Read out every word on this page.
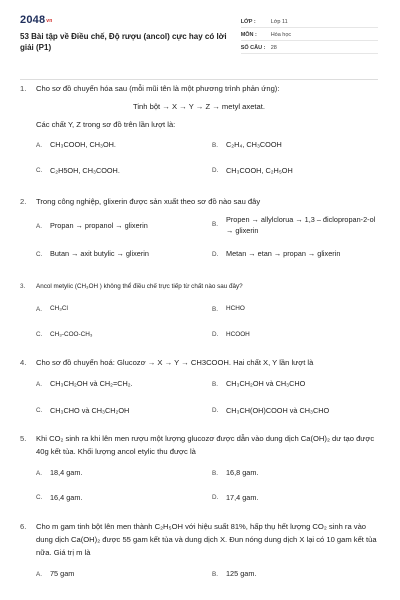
$2048^{vn}$
53 Bài tập về Điều chế, Độ rượu (ancol) cực hay có lời giải (P1)
LỚP :	Lớp 11
MÔN :	Hóa học
SỐ CÂU : 28
1.	Cho sơ đồ chuyển hóa sau (mỗi mũi tên là một phương trình phản ứng):
Tinh bột → X → Y → Z → metyl axetat.
Các chất Y, Z trong sơ đồ trên lần lượt là:
A.	CH₃COOH, CH₃OH.	B.	C₂H₄, CH₃COOH
C.	C₂H5OH, CH₃COOH.	D.	CH₃COOH, C₂H₅OH
2.	Trong công nghiệp, glixerin được sản xuất theo sơ đồ nào sau đây
A.	Propan → propanol → glixerin	B.
Propen → allylclorua → 1,3 – điclopropan-2-ol → glixerin
C.	Butan → axit butylic → glixerin	D.	Metan → etan → propan → glixerin
3.	Ancol metylic (CH₃OH ) không thể điều chế trực tiếp từ chất nào sau đây?
A.	CH₃Cl	B.	HCHO
C.	CH₃-COO-CH₃	D.	HCOOH
4.	Cho sơ đồ chuyển hoá: Glucozơ → X → Y → CH3COOH. Hai chất X, Y lần lượt là
A.	CH₃CH₂OH và CH₂=CH₂.	B.	CH₃CH₂OH và CH₃CHO
C.	CH₃CHO và CH₃CH₂OH	D.	CH₃CH(OH)COOH và CH₃CHO
5.	Khi CO₂ sinh ra khi lên men rượu một lượng glucozơ được dẫn vào dung dịch Ca(OH)₂ dư tạo được 40g kết tủa. Khối lượng ancol etylic thu được là
A.	18,4 gam.	B.	16,8 gam.
C.	16,4 gam.	D.	17,4 gam.
6.	Cho m gam tinh bột lên men thành C₂H₅OH với hiệu suất 81%, hấp thụ hết lượng CO₂ sinh ra vào dung dịch Ca(OH)₂ được 55 gam kết tủa và dung dịch X. Đun nóng dung dịch X lại có 10 gam kết tủa nữa. Giá trị m là
A.	75 gam	B.	125 gam.
